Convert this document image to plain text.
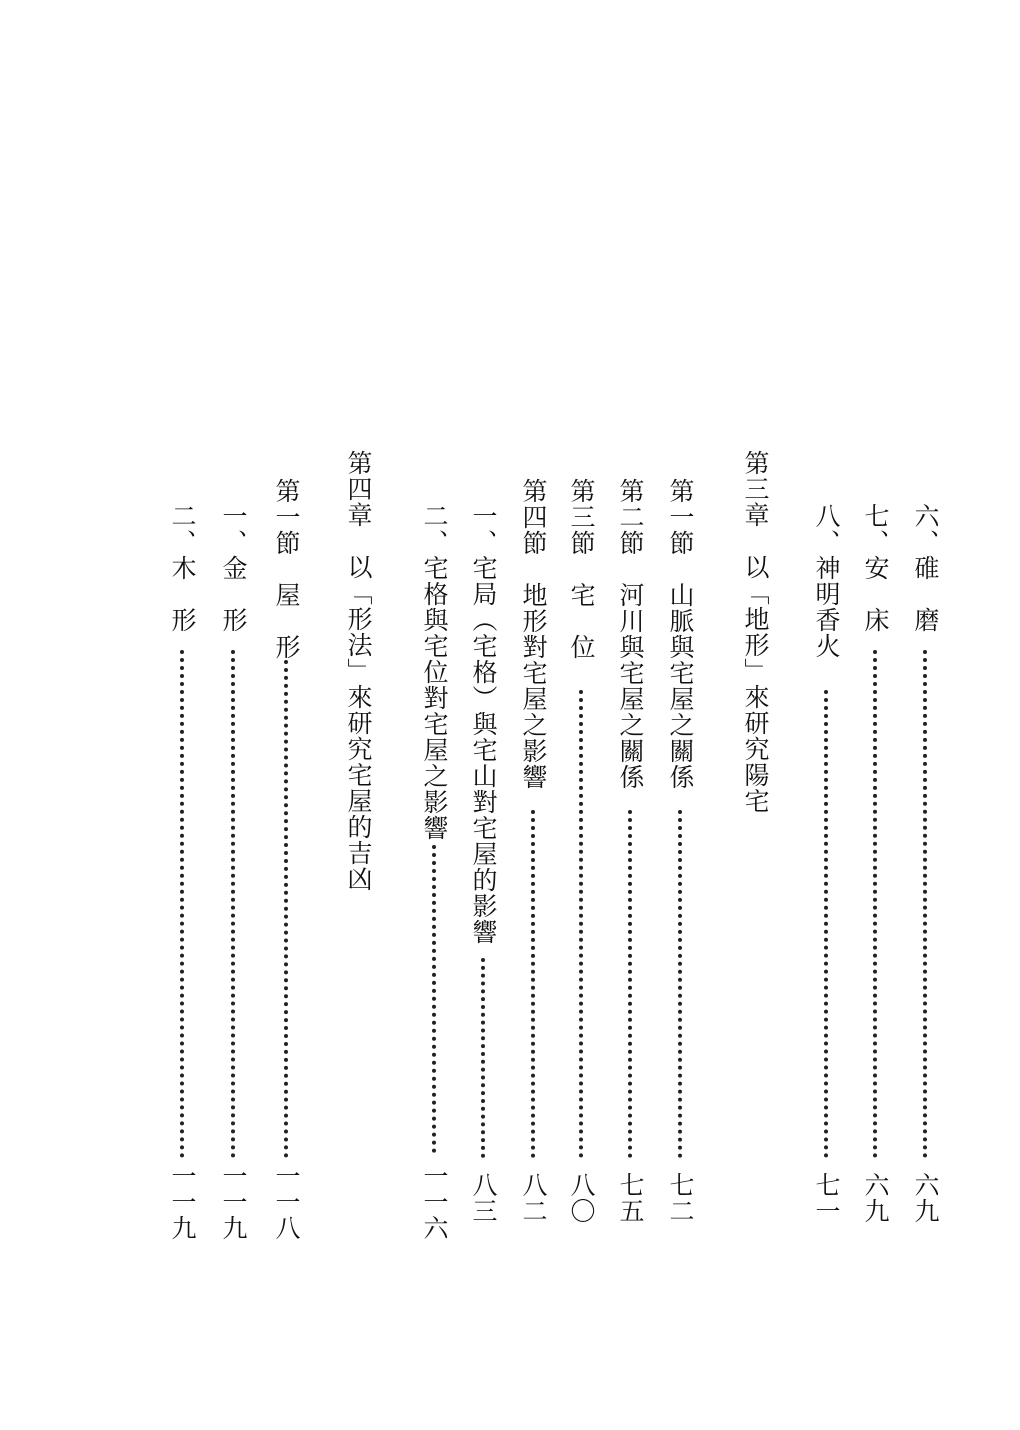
六、碓　磨
六九
七、安　床
六九
八、神明香火
七一
第三章　以「地形」來研究陽宅
第一節　山脈與宅屋之關係
七二
第二節　河川與宅屋之關係
七五
第三節　宅　位
八〇
第四節　地形對宅屋之影響
八二
一、宅局（宅格）與宅山對宅屋的影響
八三
二、宅格與宅位對宅屋之影響
一一六
第四章　以「形法」來研究宅屋的吉凶
第一節　屋　形
一一八
一、金　形
一一九
二、木　形
一一九
